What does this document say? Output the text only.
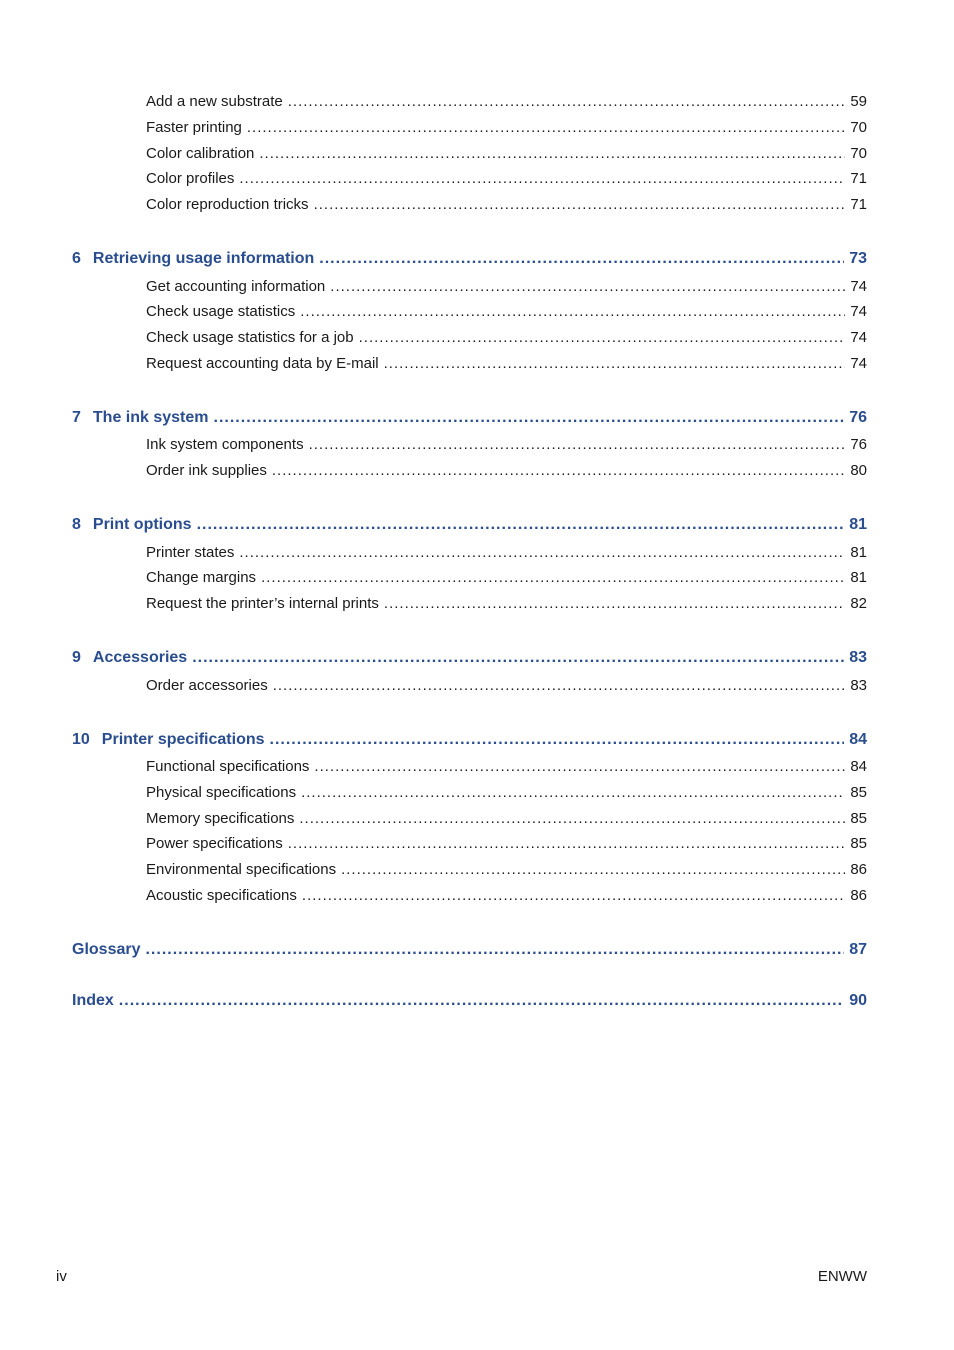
Add a new substrate .....	59
Faster printing .....	70
Color calibration .....	70
Color profiles .....	71
Color reproduction tricks .....	71
6 Retrieving usage information .....	73
Get accounting information .....	74
Check usage statistics .....	74
Check usage statistics for a job .....	74
Request accounting data by E-mail .....	74
7 The ink system .....	76
Ink system components .....	76
Order ink supplies .....	80
8 Print options .....	81
Printer states .....	81
Change margins .....	81
Request the printer’s internal prints .....	82
9 Accessories .....	83
Order accessories .....	83
10 Printer specifications .....	84
Functional specifications .....	84
Physical specifications .....	85
Memory specifications .....	85
Power specifications .....	85
Environmental specifications .....	86
Acoustic specifications .....	86
Glossary .....	87
Index .....	90
iv	ENWW
